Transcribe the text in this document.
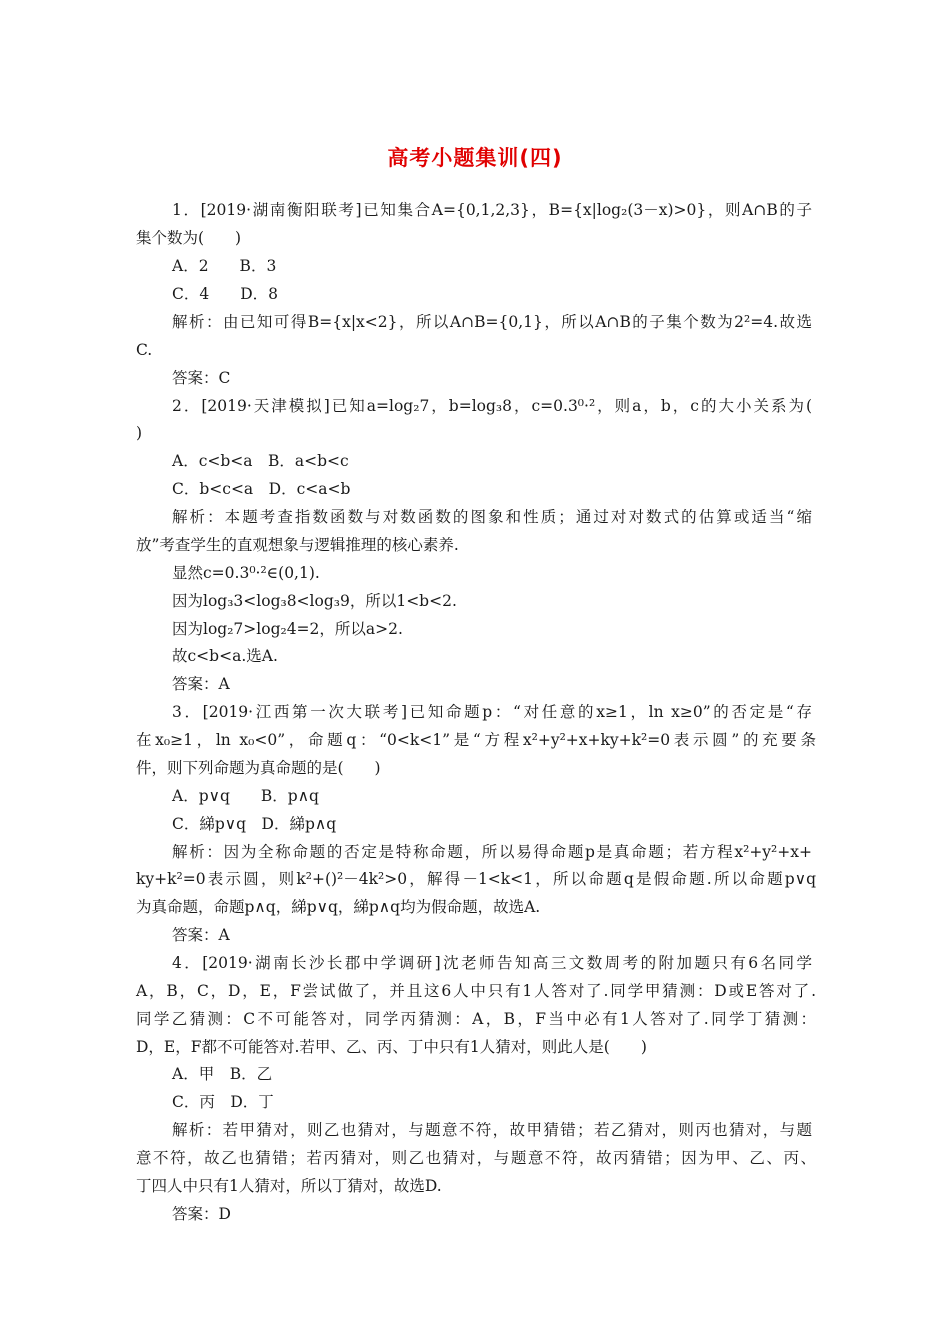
高考小题集训(四)
1．[2019·湖南衡阳联考]已知集合A={0,1,2,3}，B={x|log₂(3－x)>0}，则A∩B的子
集个数为(　　)
A．2　　B．3
C．4　　D．8
解析：由已知可得B={x|x<2}，所以A∩B={0,1}，所以A∩B的子集个数为2²=4.故选
C.
答案：C
2．[2019·天津模拟]已知a=log₂7，b=log₃8，c=0.3⁰·²，则a，b，c的大小关系为(
)
A．c<b<a　B．a<b<c
C．b<c<a　D．c<a<b
解析：本题考查指数函数与对数函数的图象和性质；通过对对数式的估算或适当“缩
放”考查学生的直观想象与逻辑推理的核心素养.
显然c=0.3⁰·²∈(0,1).
因为log₃3<log₃8<log₃9，所以1<b<2.
因为log₂7>log₂4=2，所以a>2.
故c<b<a.选A.
答案：A
3．[2019·江西第一次大联考]已知命题p：“对任意的x≥1，ln x≥0”的否定是“存
在x₀≥1，ln x₀<0”，命题q：“0<k<1”是“方程x²+y²+x+ky+k²=0表示圆”的充要条
件，则下列命题为真命题的是(　　)
A．p∨q　　B．p∧q
C．綈p∨q　D．綈p∧q
解析：因为全称命题的否定是特称命题，所以易得命题p是真命题；若方程x²+y²+x+
ky+k²=0表示圆，则k²+()²－4k²>0，解得－1<k<1，所以命题q是假命题.所以命题p∨q
为真命题，命题p∧q，綈p∨q，綈p∧q均为假命题，故选A.
答案：A
4．[2019·湖南长沙长郡中学调研]沈老师告知高三文数周考的附加题只有6名同学
A，B，C，D，E，F尝试做了，并且这6人中只有1人答对了.同学甲猜测：D或E答对了.
同学乙猜测：C不可能答对，同学丙猜测：A，B，F当中必有1人答对了.同学丁猜测：
D，E，F都不可能答对.若甲、乙、丙、丁中只有1人猜对，则此人是(　　)
A．甲　B．乙
C．丙　D．丁
解析：若甲猜对，则乙也猜对，与题意不符，故甲猜错；若乙猜对，则丙也猜对，与题
意不符，故乙也猜错；若丙猜对，则乙也猜对，与题意不符，故丙猜错；因为甲、乙、丙、
丁四人中只有1人猜对，所以丁猜对，故选D.
答案：D
